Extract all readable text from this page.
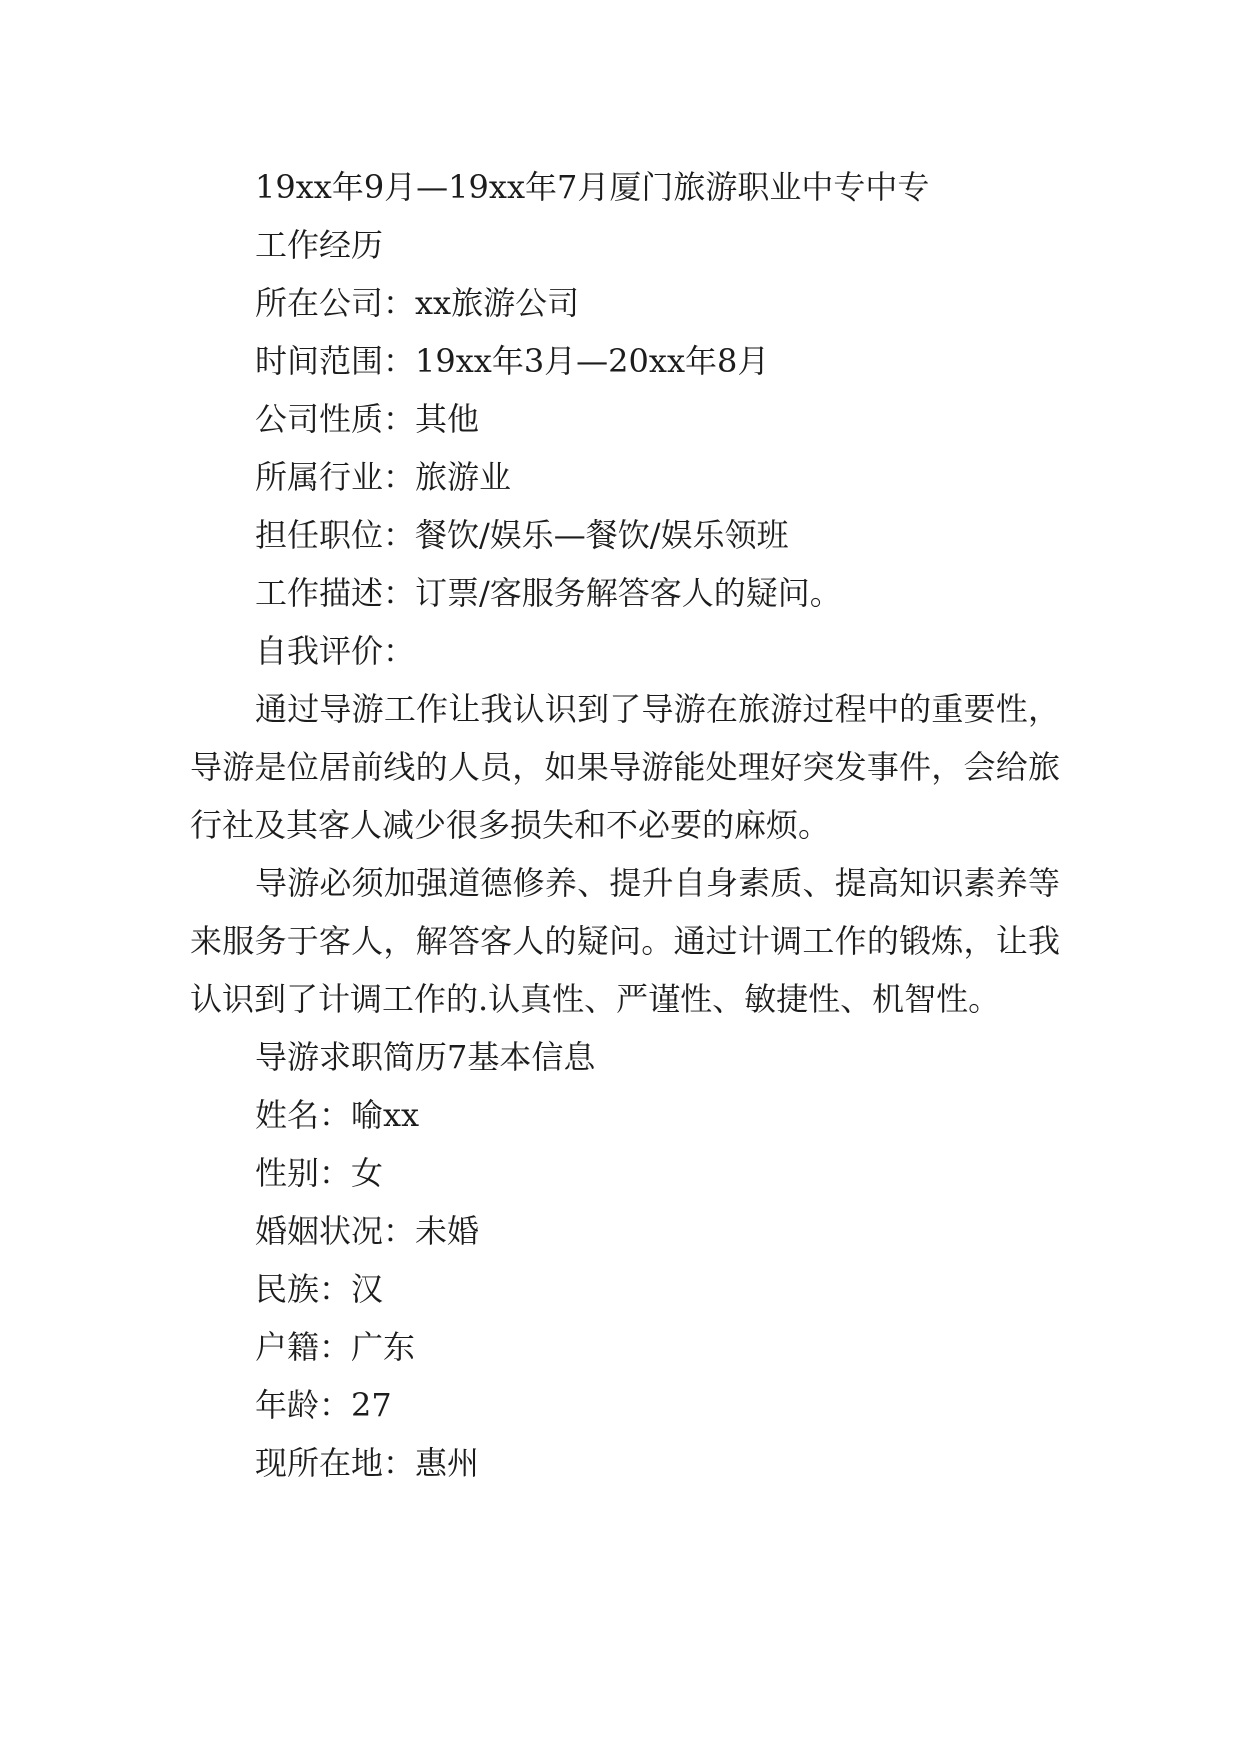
19xx年9月—19xx年7月厦门旅游职业中专中专
工作经历
所在公司：xx旅游公司
时间范围：19xx年3月—20xx年8月
公司性质：其他
所属行业：旅游业
担任职位：餐饮/娱乐—餐饮/娱乐领班
工作描述：订票/客服务解答客人的疑问。
自我评价：

通过导游工作让我认识到了导游在旅游过程中的重要性，导游是位居前线的人员，如果导游能处理好突发事件，会给旅行社及其客人减少很多损失和不必要的麻烦。

导游必须加强道德修养、提升自身素质、提高知识素养等来服务于客人，解答客人的疑问。通过计调工作的锻炼，让我认识到了计调工作的.认真性、严谨性、敏捷性、机智性。

导游求职简历7基本信息
姓名：喻xx
性别：女
婚姻状况：未婚
民族：汉
户籍：广东
年龄：27
现所在地：惠州
